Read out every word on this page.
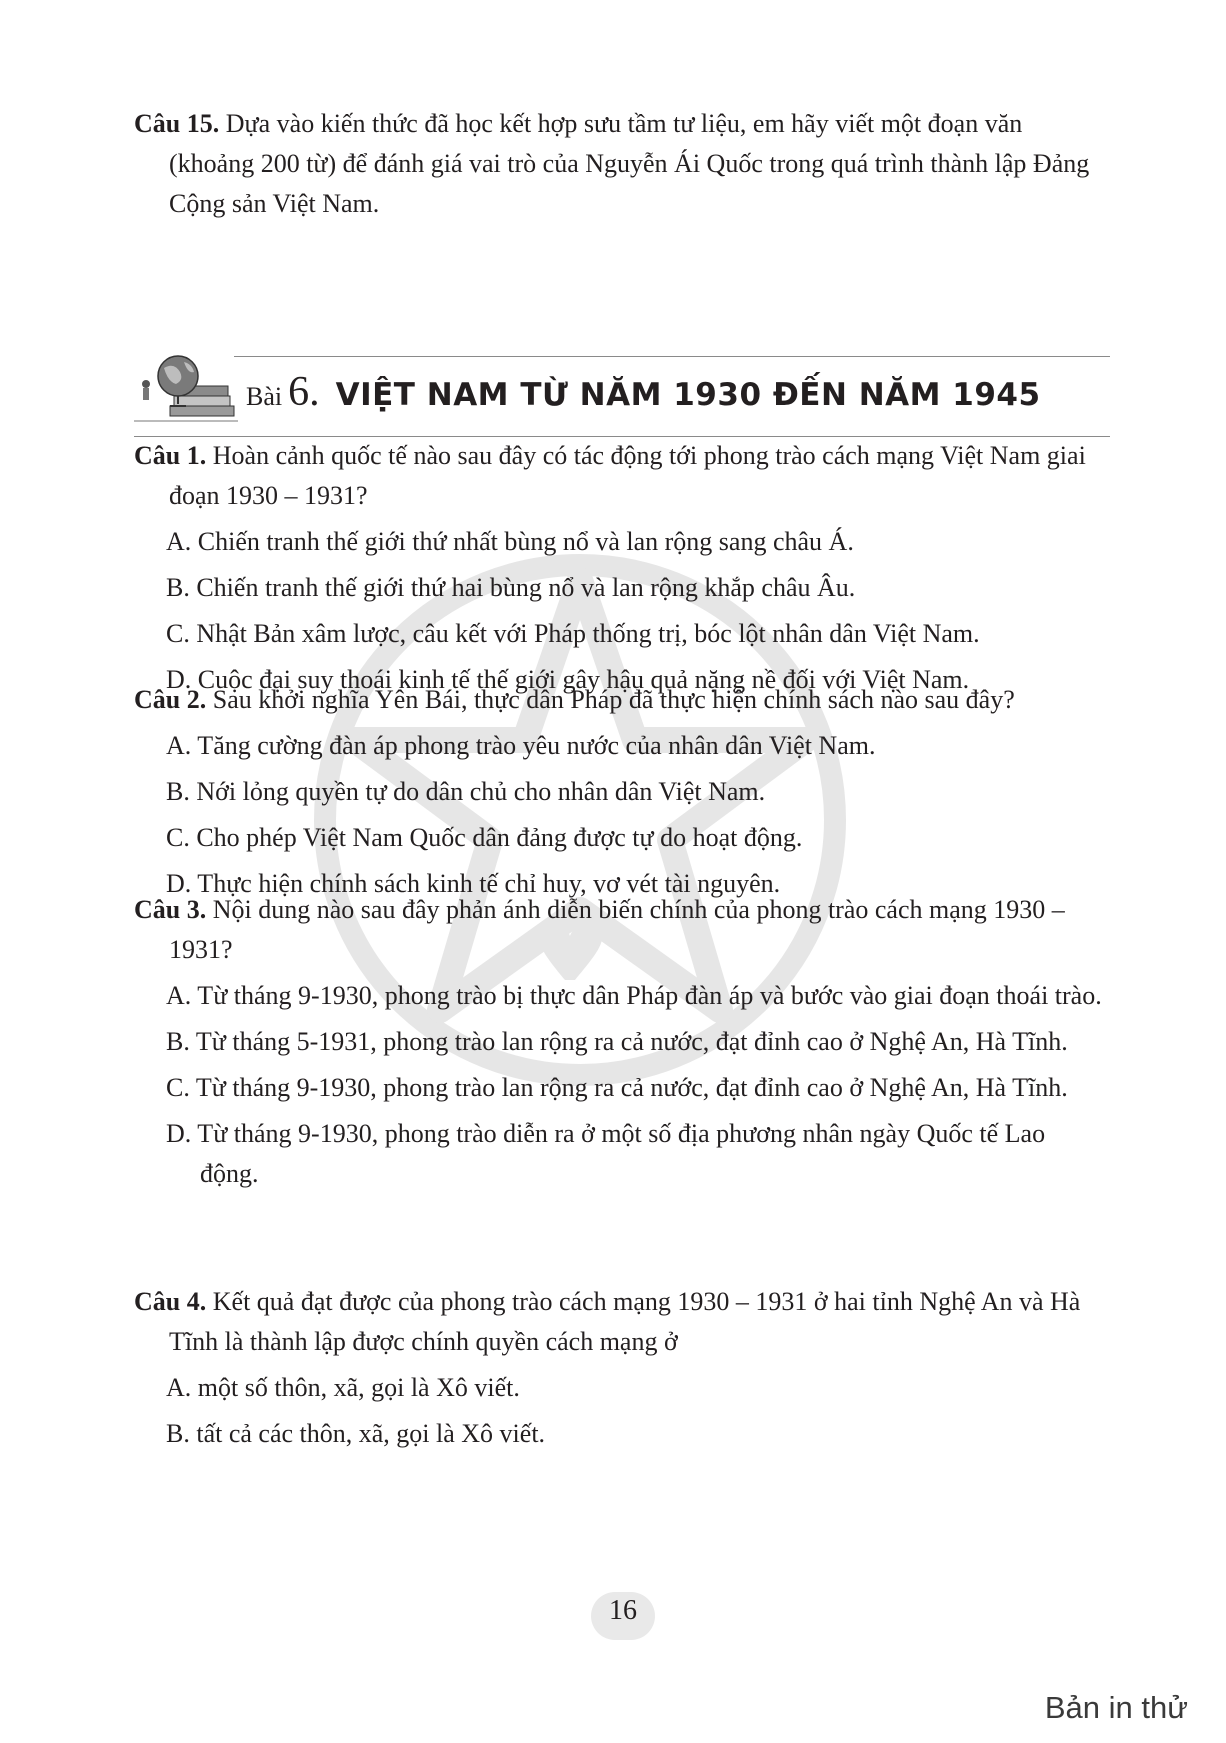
Câu 15. Dựa vào kiến thức đã học kết hợp sưu tầm tư liệu, em hãy viết một đoạn văn (khoảng 200 từ) để đánh giá vai trò của Nguyễn Ái Quốc trong quá trình thành lập Đảng Cộng sản Việt Nam.
Bài 6. VIỆT NAM TỪ NĂM 1930 ĐẾN NĂM 1945
Câu 1. Hoàn cảnh quốc tế nào sau đây có tác động tới phong trào cách mạng Việt Nam giai đoạn 1930 – 1931?
A. Chiến tranh thế giới thứ nhất bùng nổ và lan rộng sang châu Á.
B. Chiến tranh thế giới thứ hai bùng nổ và lan rộng khắp châu Âu.
C. Nhật Bản xâm lược, câu kết với Pháp thống trị, bóc lột nhân dân Việt Nam.
D. Cuộc đại suy thoái kinh tế thế giới gây hậu quả nặng nề đối với Việt Nam.
Câu 2. Sau khởi nghĩa Yên Bái, thực dân Pháp đã thực hiện chính sách nào sau đây?
A. Tăng cường đàn áp phong trào yêu nước của nhân dân Việt Nam.
B. Nới lỏng quyền tự do dân chủ cho nhân dân Việt Nam.
C. Cho phép Việt Nam Quốc dân đảng được tự do hoạt động.
D. Thực hiện chính sách kinh tế chỉ huy, vơ vét tài nguyên.
Câu 3. Nội dung nào sau đây phản ánh diễn biến chính của phong trào cách mạng 1930 – 1931?
A. Từ tháng 9-1930, phong trào bị thực dân Pháp đàn áp và bước vào giai đoạn thoái trào.
B. Từ tháng 5-1931, phong trào lan rộng ra cả nước, đạt đỉnh cao ở Nghệ An, Hà Tĩnh.
C. Từ tháng 9-1930, phong trào lan rộng ra cả nước, đạt đỉnh cao ở Nghệ An, Hà Tĩnh.
D. Từ tháng 9-1930, phong trào diễn ra ở một số địa phương nhân ngày Quốc tế Lao động.
Câu 4. Kết quả đạt được của phong trào cách mạng 1930 – 1931 ở hai tỉnh Nghệ An và Hà Tĩnh là thành lập được chính quyền cách mạng ở
A. một số thôn, xã, gọi là Xô viết.
B. tất cả các thôn, xã, gọi là Xô viết.
16
Bản in thử
